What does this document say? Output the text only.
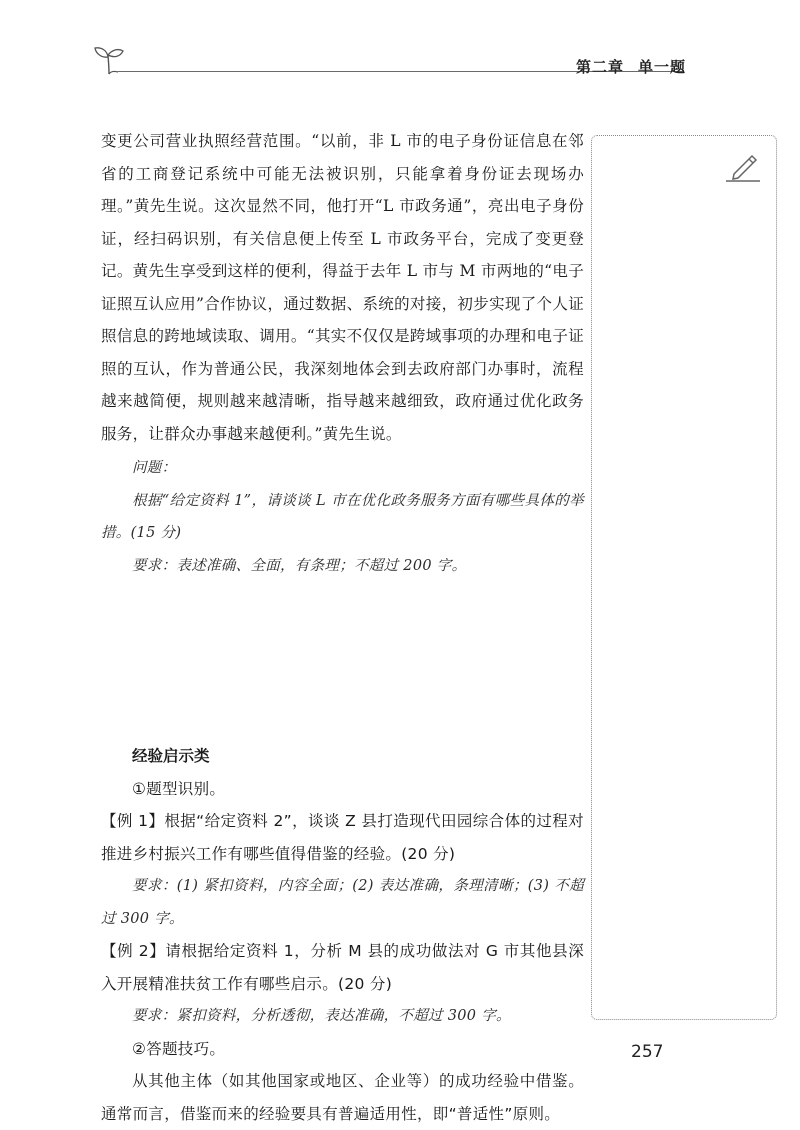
第二章 单一题

变更公司营业执照经营范围。“以前，非 L 市的电子身份证信息在邻省的工商登记系统中可能无法被识别，只能拿着身份证去现场办理。”黄先生说。这次显然不同，他打开“L 市政务通”，亮出电子身份证，经扫码识别，有关信息便上传至 L 市政务平台，完成了变更登记。黄先生享受到这样的便利，得益于去年 L 市与 M 市两地的“电子证照互认应用”合作协议，通过数据、系统的对接，初步实现了个人证照信息的跨地域读取、调用。“其实不仅仅是跨域事项的办理和电子证照的互认，作为普通公民，我深刻地体会到去政府部门办事时，流程越来越简便，规则越来越清晰，指导越来越细致，政府通过优化政务服务，让群众办事越来越便利。”黄先生说。

问题：

根据“给定资料 1”，请谈谈 L 市在优化政务服务方面有哪些具体的举措。(15 分)

要求：表述准确、全面，有条理；不超过 200 字。

经验启示类

①题型识别。

【例 1】根据“给定资料 2”，谈谈 Z 县打造现代田园综合体的过程对推进乡村振兴工作有哪些值得借鉴的经验。(20 分)

要求：(1) 紧扣资料，内容全面；(2) 表达准确，条理清晰；(3) 不超过 300 字。

【例 2】请根据给定资料 1，分析 M 县的成功做法对 G 市其他县深入开展精准扶贫工作有哪些启示。(20 分)

要求：紧扣资料，分析透彻，表达准确，不超过 300 字。

②答题技巧。

从其他主体（如其他国家或地区、企业等）的成功经验中借鉴。通常而言，借鉴而来的经验要具有普遍适用性，即“普适性”原则。

257
